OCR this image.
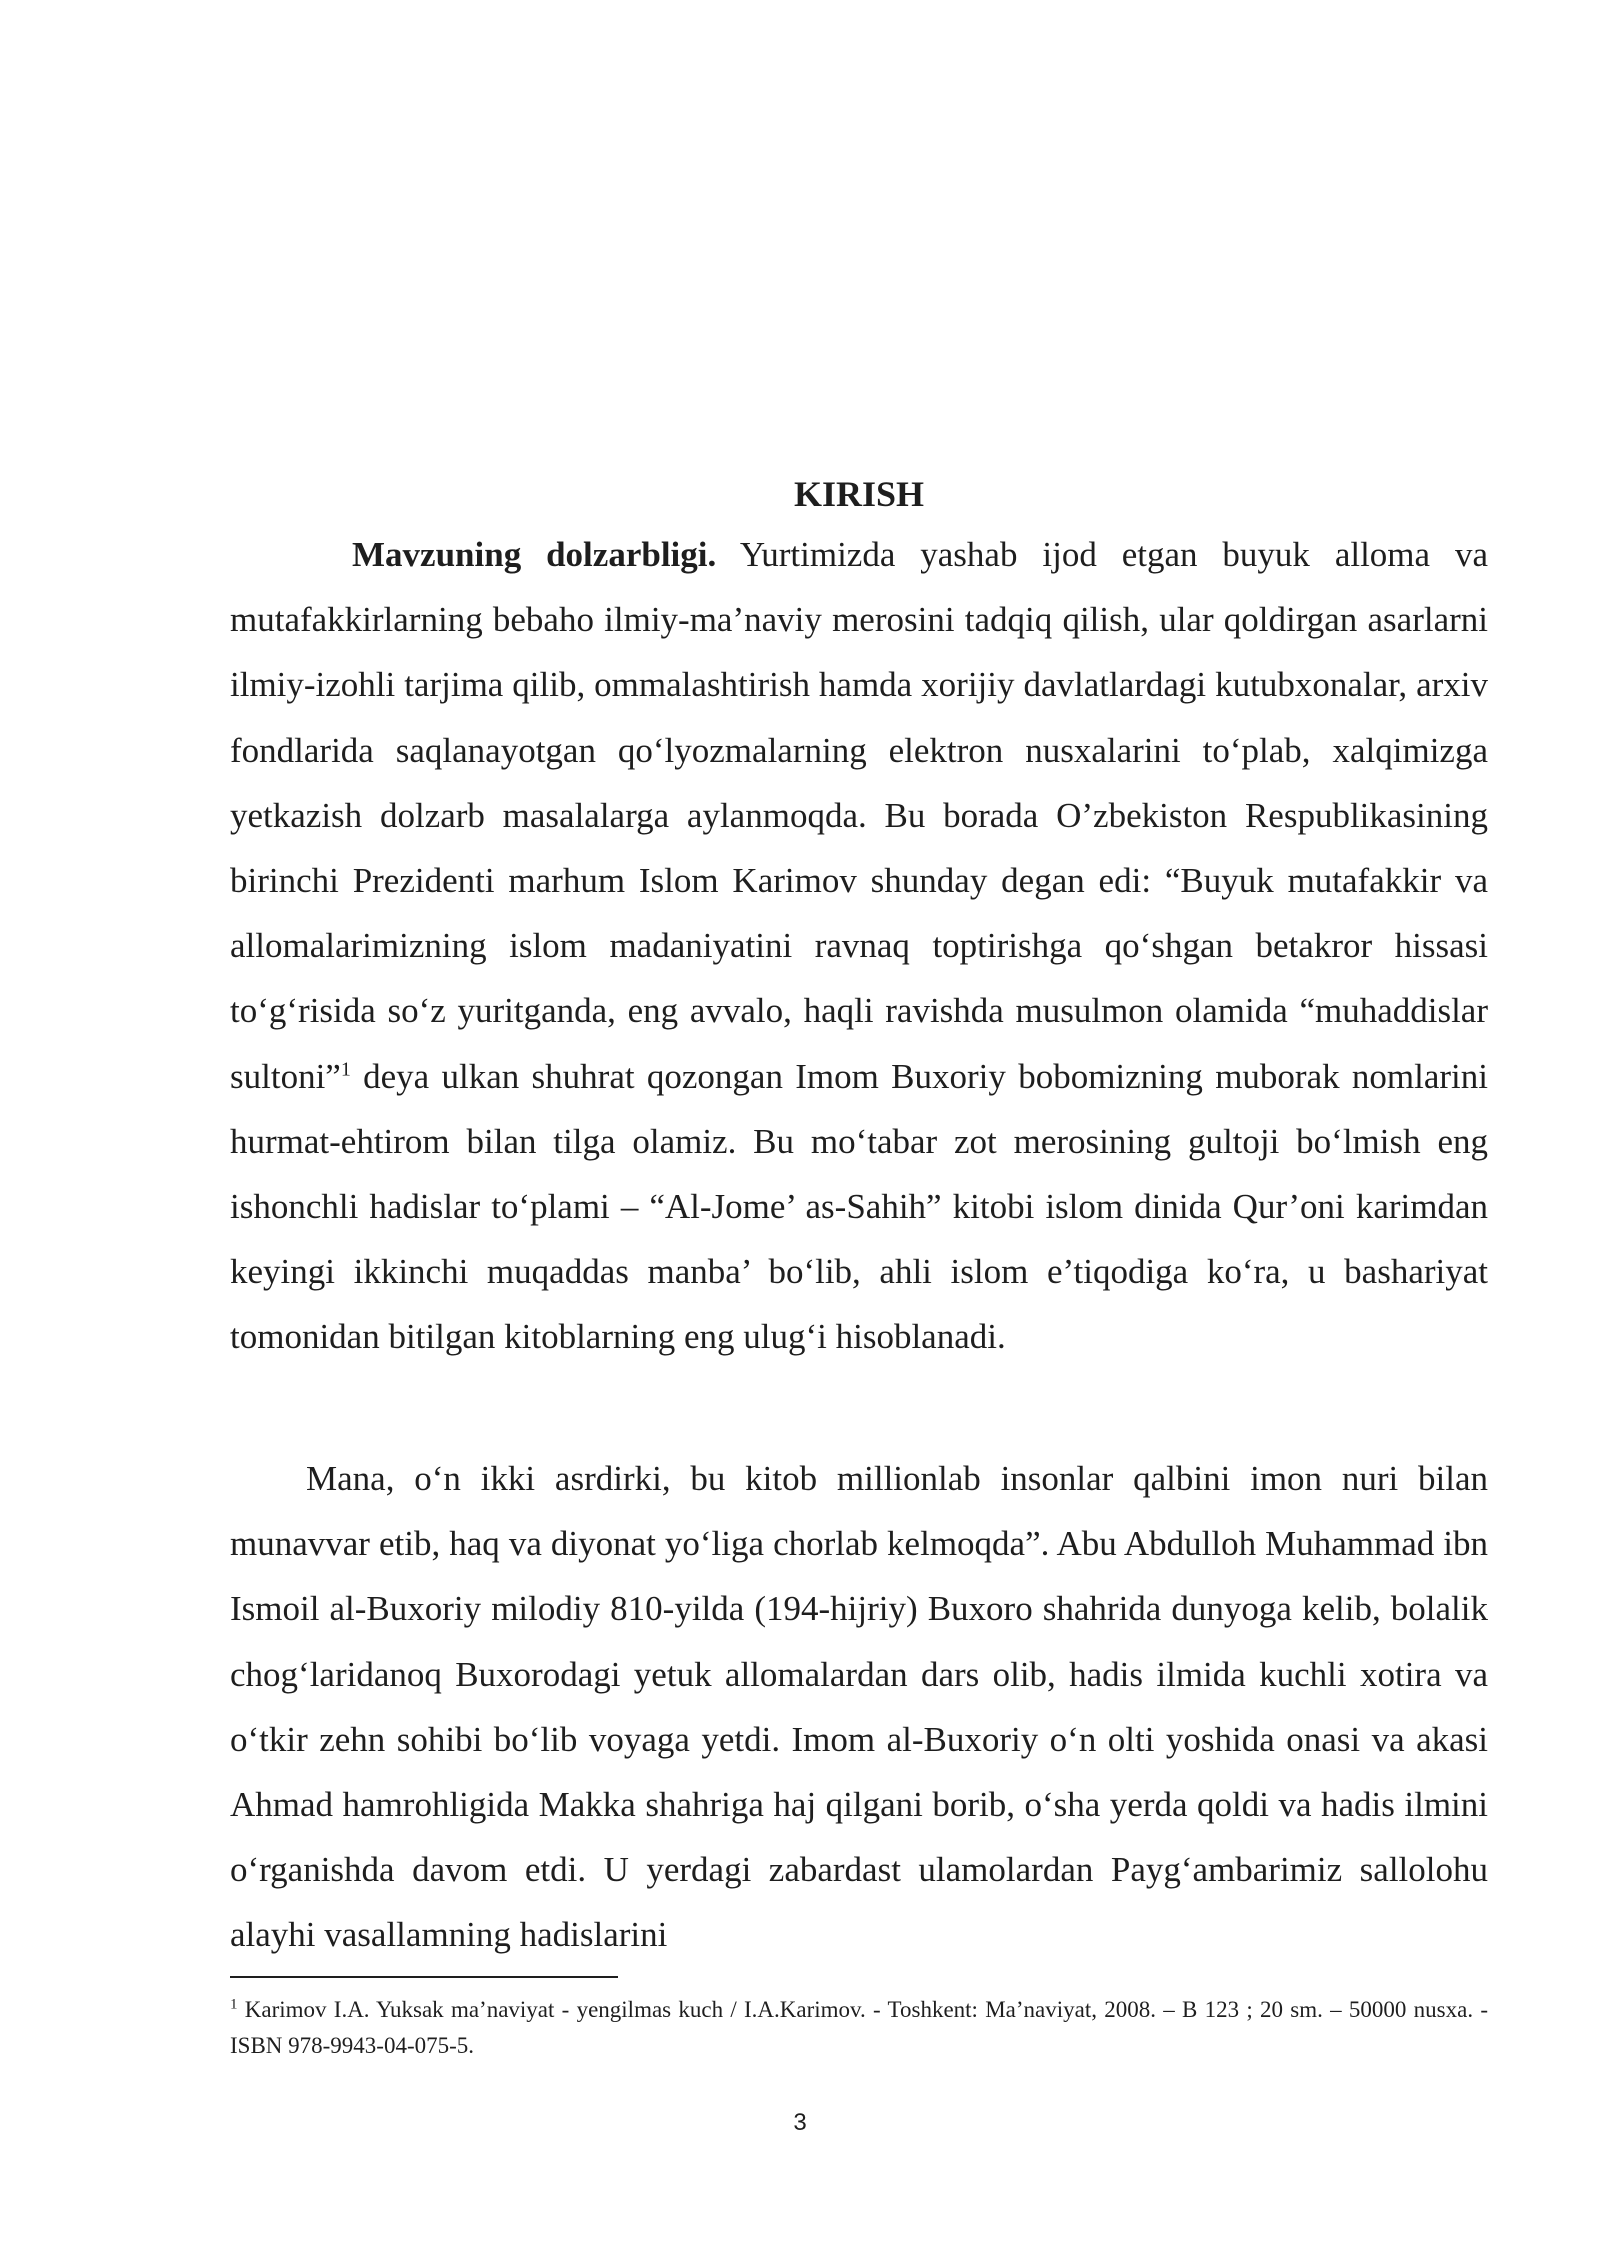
KIRISH

Mavzuning dolzarbligi. Yurtimizda yashab ijod etgan buyuk alloma va mutafakkirlarning bebaho ilmiy-ma’naviy merosini tadqiq qilish, ular qoldirgan asarlarni ilmiy-izohli tarjima qilib, ommalashtirish hamda xorijiy davlatlardagi kutubxonalar, arxiv fondlarida saqlanayotgan qo‘lyozmalarning elektron nusxalarini to‘plab, xalqimizga yetkazish dolzarb masalalarga aylanmoqda. Bu borada O’zbekiston Respublikasining birinchi Prezidenti marhum Islom Karimov shunday degan edi: “Buyuk mutafakkir va allomalarimizning islom madaniyatini ravnaq toptirishga qo‘shgan betakror hissasi to‘g‘risida so‘z yuritganda, eng avvalo, haqli ravishda musulmon olamida “muhaddislar sultoni”$^1$ deya ulkan shuhrat qozongan Imom Buxoriy bobomizning muborak nomlarini hurmat-ehtirom bilan tilga olamiz. Bu mo‘tabar zot merosining gultoji bo‘lmish eng ishonchli hadislar to‘plami – “Al-Jome’ as-Sahih” kitobi islom dinida Qur’oni karimdan keyingi ikkinchi muqaddas manba’ bo‘lib, ahli islom e’tiqodiga ko‘ra, u bashariyat tomonidan bitilgan kitoblarning eng ulug‘i hisoblanadi.

Mana, o‘n ikki asrdirki, bu kitob millionlab insonlar qalbini imon nuri bilan munavvar etib, haq va diyonat yo‘liga chorlab kelmoqda”. Abu Abdulloh Muhammad ibn Ismoil al-Buxoriy milodiy 810-yilda (194-hijriy) Buxoro shahrida dunyoga kelib, bolalik chog‘laridanoq Buxorodagi yetuk allomalardan dars olib, hadis ilmida kuchli xotira va o‘tkir zehn sohibi bo‘lib voyaga yetdi. Imom al-Buxoriy o‘n olti yoshida onasi va akasi Ahmad hamrohligida Makka shahriga haj qilgani borib, o‘sha yerda qoldi va hadis ilmini o‘rganishda davom etdi. U yerdagi zabardast ulamolardan Payg‘ambarimiz sallolohu alayhi vasallamning hadislarini

$^1$ Karimov I.A. Yuksak ma’naviyat - yengilmas kuch / I.A.Karimov. - Toshkent: Ma’naviyat, 2008. – B 123 ; 20 sm. – 50000 nusxa. - ISBN 978-9943-04-075-5.

3
